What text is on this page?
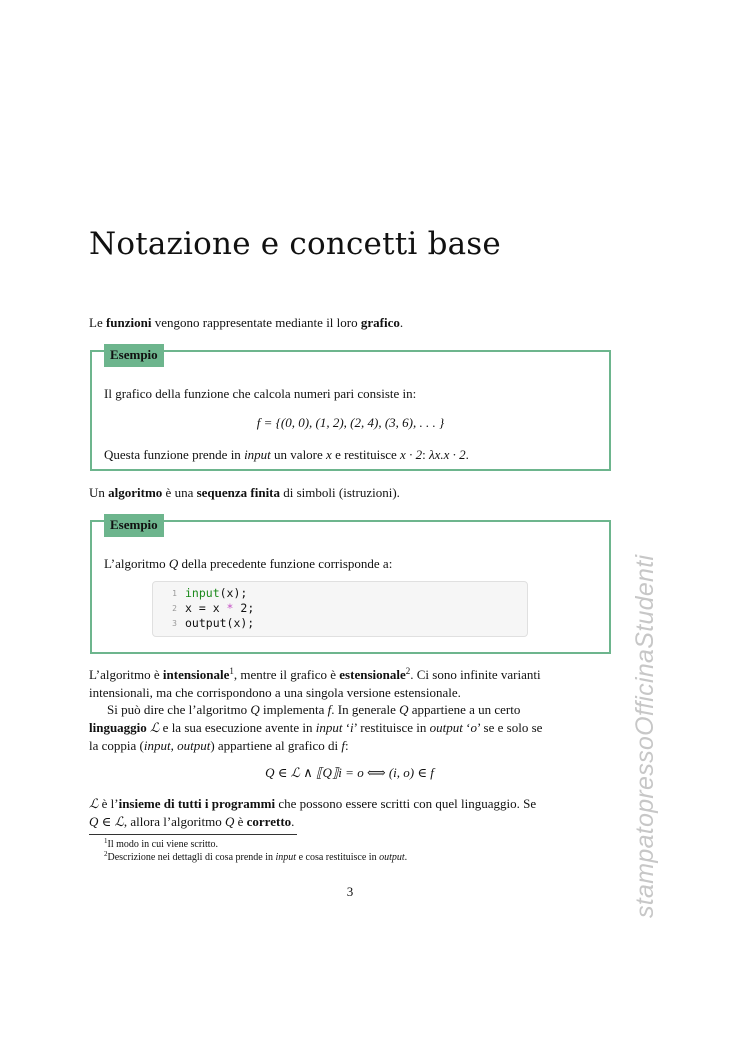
Notazione e concetti base

Le funzioni vengono rappresentate mediante il loro grafico.

Esempio
Il grafico della funzione che calcola numeri pari consiste in:
f = {(0, 0), (1, 2), (2, 4), (3, 6), . . . }
Questa funzione prende in input un valore x e restituisce x · 2: λx.x · 2.

Un algoritmo è una sequenza finita di simboli (istruzioni).

Esempio
L’algoritmo Q della precedente funzione corrisponde a:
1 input(x);
2 x = x * 2;
3 output(x);
L’algoritmo è intensionale$^1$, mentre il grafico è estensionale$^2$. Ci sono infinite varianti
intensionali, ma che corrispondono a una singola versione estensionale.
Si può dire che l’algoritmo Q implementa f. In generale Q appartiene a un certo
linguaggio ℒ e la sua esecuzione avente in input ‘i’ restituisce in output ‘o’ se e solo se
la coppia (input, output) appartiene al grafico di f:
Q ∈ ℒ ∧ ⟦Q⟧i = o ⟺ (i, o) ∈ f
ℒ è l’insieme di tutti i programmi che possono essere scritti con quel linguaggio. Se
Q ∈ ℒ, allora l’algoritmo Q è corretto.
$^1$Il modo in cui viene scritto.
$^2$Descrizione nei dettagli di cosa prende in input e cosa restituisce in output.
3	stampatopressoOfficinaStudenti
